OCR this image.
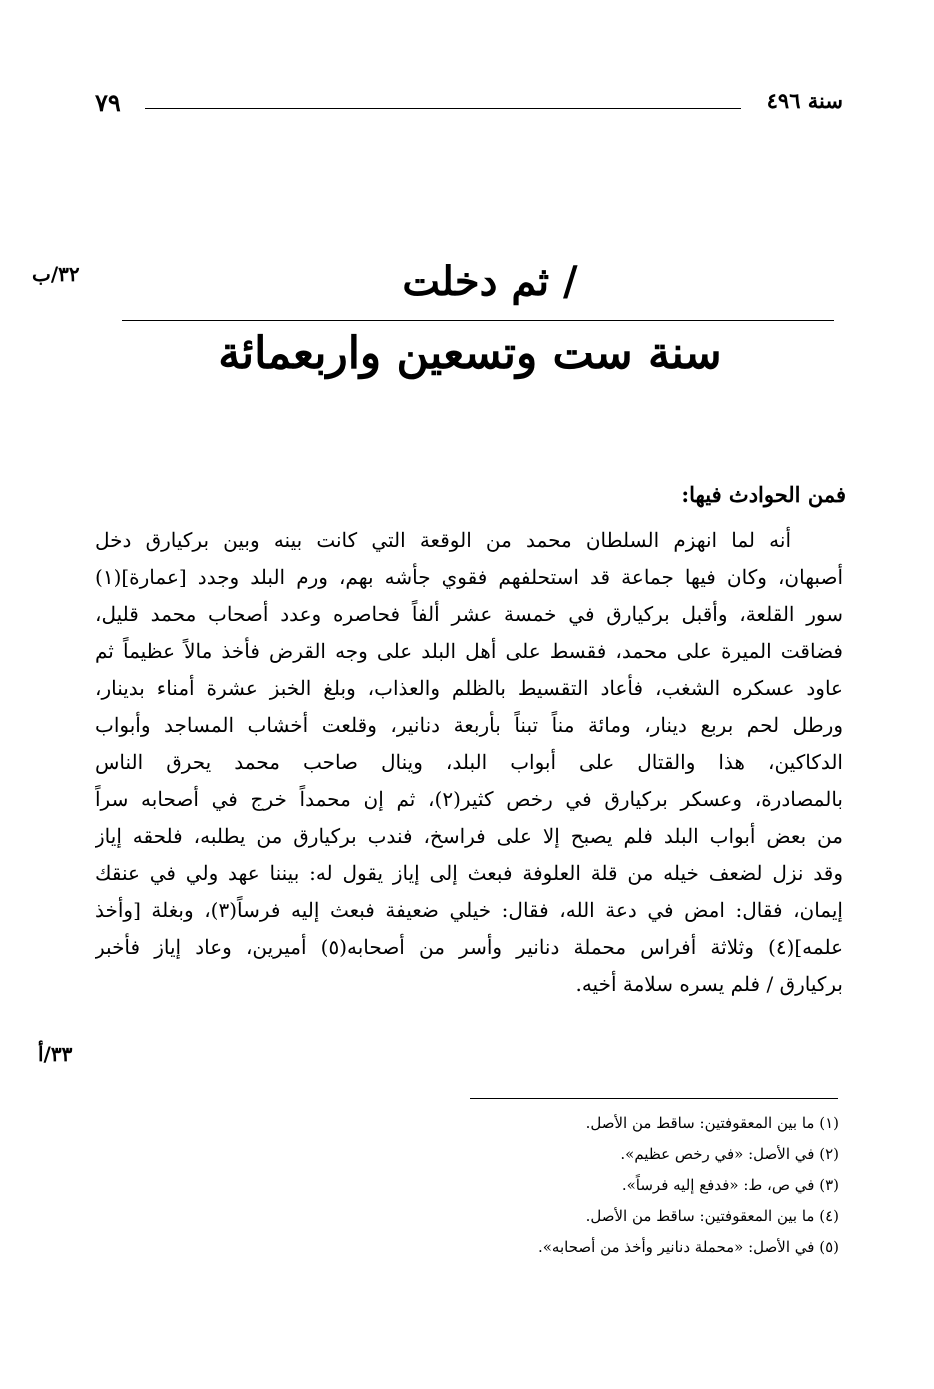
سنة ٤٩٦
٧٩
٣٢/ب	/ ثم دخلت
سنة ست وتسعين واربعمائة
فمن الحوادث فيها:
أنه لما انهزم السلطان محمد من الوقعة التي كانت بينه وبين بركيارق دخل
أصبهان، وكان فيها جماعة قد استحلفهم فقوي جأشه بهم، ورم البلد وجدد [عمارة](١)
سور القلعة، وأقبل بركيارق في خمسة عشر ألفاً فحاصره وعدد أصحاب محمد قليل،
فضاقت الميرة على محمد، فقسط على أهل البلد على وجه القرض فأخذ مالاً عظيماً ثم
عاود عسكره الشغب، فأعاد التقسيط بالظلم والعذاب، وبلغ الخبز عشرة أمناء بدينار،
ورطل لحم بربع دينار، ومائة مناً تبناً بأربعة دنانير، وقلعت أخشاب المساجد وأبواب
الدكاكين، هذا والقتال على أبواب البلد، وينال صاحب محمد يحرق الناس
بالمصادرة، وعسكر بركيارق في رخص كثير(٢)، ثم إن محمداً خرج في أصحابه سراً
من بعض أبواب البلد فلم يصبح إلا على فراسخ، فندب بركيارق من يطلبه، فلحقه إياز
وقد نزل لضعف خيله من قلة العلوفة فبعث إلى إياز يقول له: بيننا عهد ولي في عنقك
إيمان، فقال: امض في دعة الله، فقال: خيلي ضعيفة فبعث إليه فرساً(٣)، وبغلة [وأخذ
علمه](٤) وثلاثة أفراس محملة دنانير وأسر من أصحابه(٥) أميرين، وعاد إياز فأخبر
بركيارق / فلم يسره سلامة أخيه.
٣٣/أ
(١) ما بين المعقوفتين: ساقط من الأصل.
(٢) في الأصل: «في رخص عظيم».
(٣) في ص، ط: «فدفع إليه فرساً».
(٤) ما بين المعقوفتين: ساقط من الأصل.
(٥) في الأصل: «محملة دنانير وأخذ من أصحابه».
